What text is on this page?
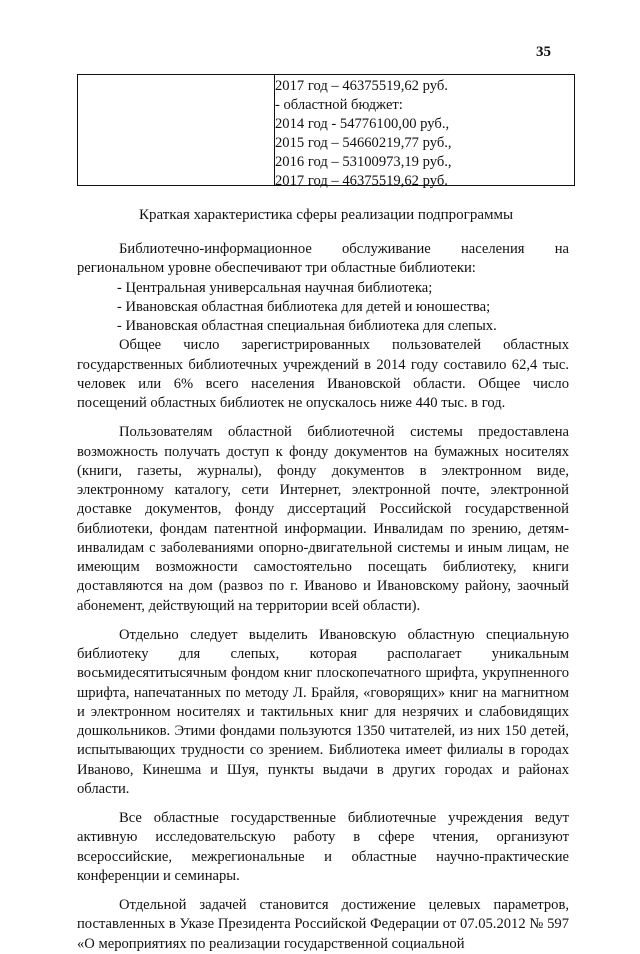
35
2017 год – 46375519,62 руб.
- областной бюджет:
2014 год - 54776100,00 руб.,
2015 год – 54660219,77 руб.,
2016 год – 53100973,19 руб.,
2017 год – 46375519,62 руб.
Краткая характеристика сферы реализации подпрограммы

Библиотечно-информационное обслуживание населения на региональном уровне обеспечивают три областные библиотеки:

- Центральная универсальная научная библиотека;

- Ивановская областная библиотека для детей и юношества;

- Ивановская областная специальная библиотека для слепых.

Общее число зарегистрированных пользователей областных государственных библиотечных учреждений в 2014 году составило 62,4 тыс. человек или 6% всего населения Ивановской области. Общее число посещений областных библиотек не опускалось ниже 440 тыс. в год.

Пользователям областной библиотечной системы предоставлена возможность получать доступ к фонду документов на бумажных носителях (книги, газеты, журналы), фонду документов в электронном виде, электронному каталогу, сети Интернет, электронной почте, электронной доставке документов, фонду диссертаций Российской государственной библиотеки, фондам патентной информации. Инвалидам по зрению, детям-инвалидам с заболеваниями опорно-двигательной системы и иным лицам, не имеющим возможности самостоятельно посещать библиотеку, книги доставляются на дом (развоз по г. Иваново и Ивановскому району, заочный абонемент, действующий на территории всей области).

Отдельно следует выделить Ивановскую областную специальную библиотеку для слепых, которая располагает уникальным восьмидесятитысячным фондом книг плоскопечатного шрифта, укрупненного шрифта, напечатанных по методу Л. Брайля, «говорящих» книг на магнитном и электронном носителях и тактильных книг для незрячих и слабовидящих дошкольников. Этими фондами пользуются 1350 читателей, из них 150 детей, испытывающих трудности со зрением. Библиотека имеет филиалы в городах Иваново, Кинешма и Шуя, пункты выдачи в других городах и районах области.

Все областные государственные библиотечные учреждения ведут активную исследовательскую работу в сфере чтения, организуют всероссийские, межрегиональные и областные научно-практические конференции и семинары.

Отдельной задачей становится достижение целевых параметров, поставленных в Указе Президента Российской Федерации от 07.05.2012 № 597 «О мероприятиях по реализации государственной социальной
